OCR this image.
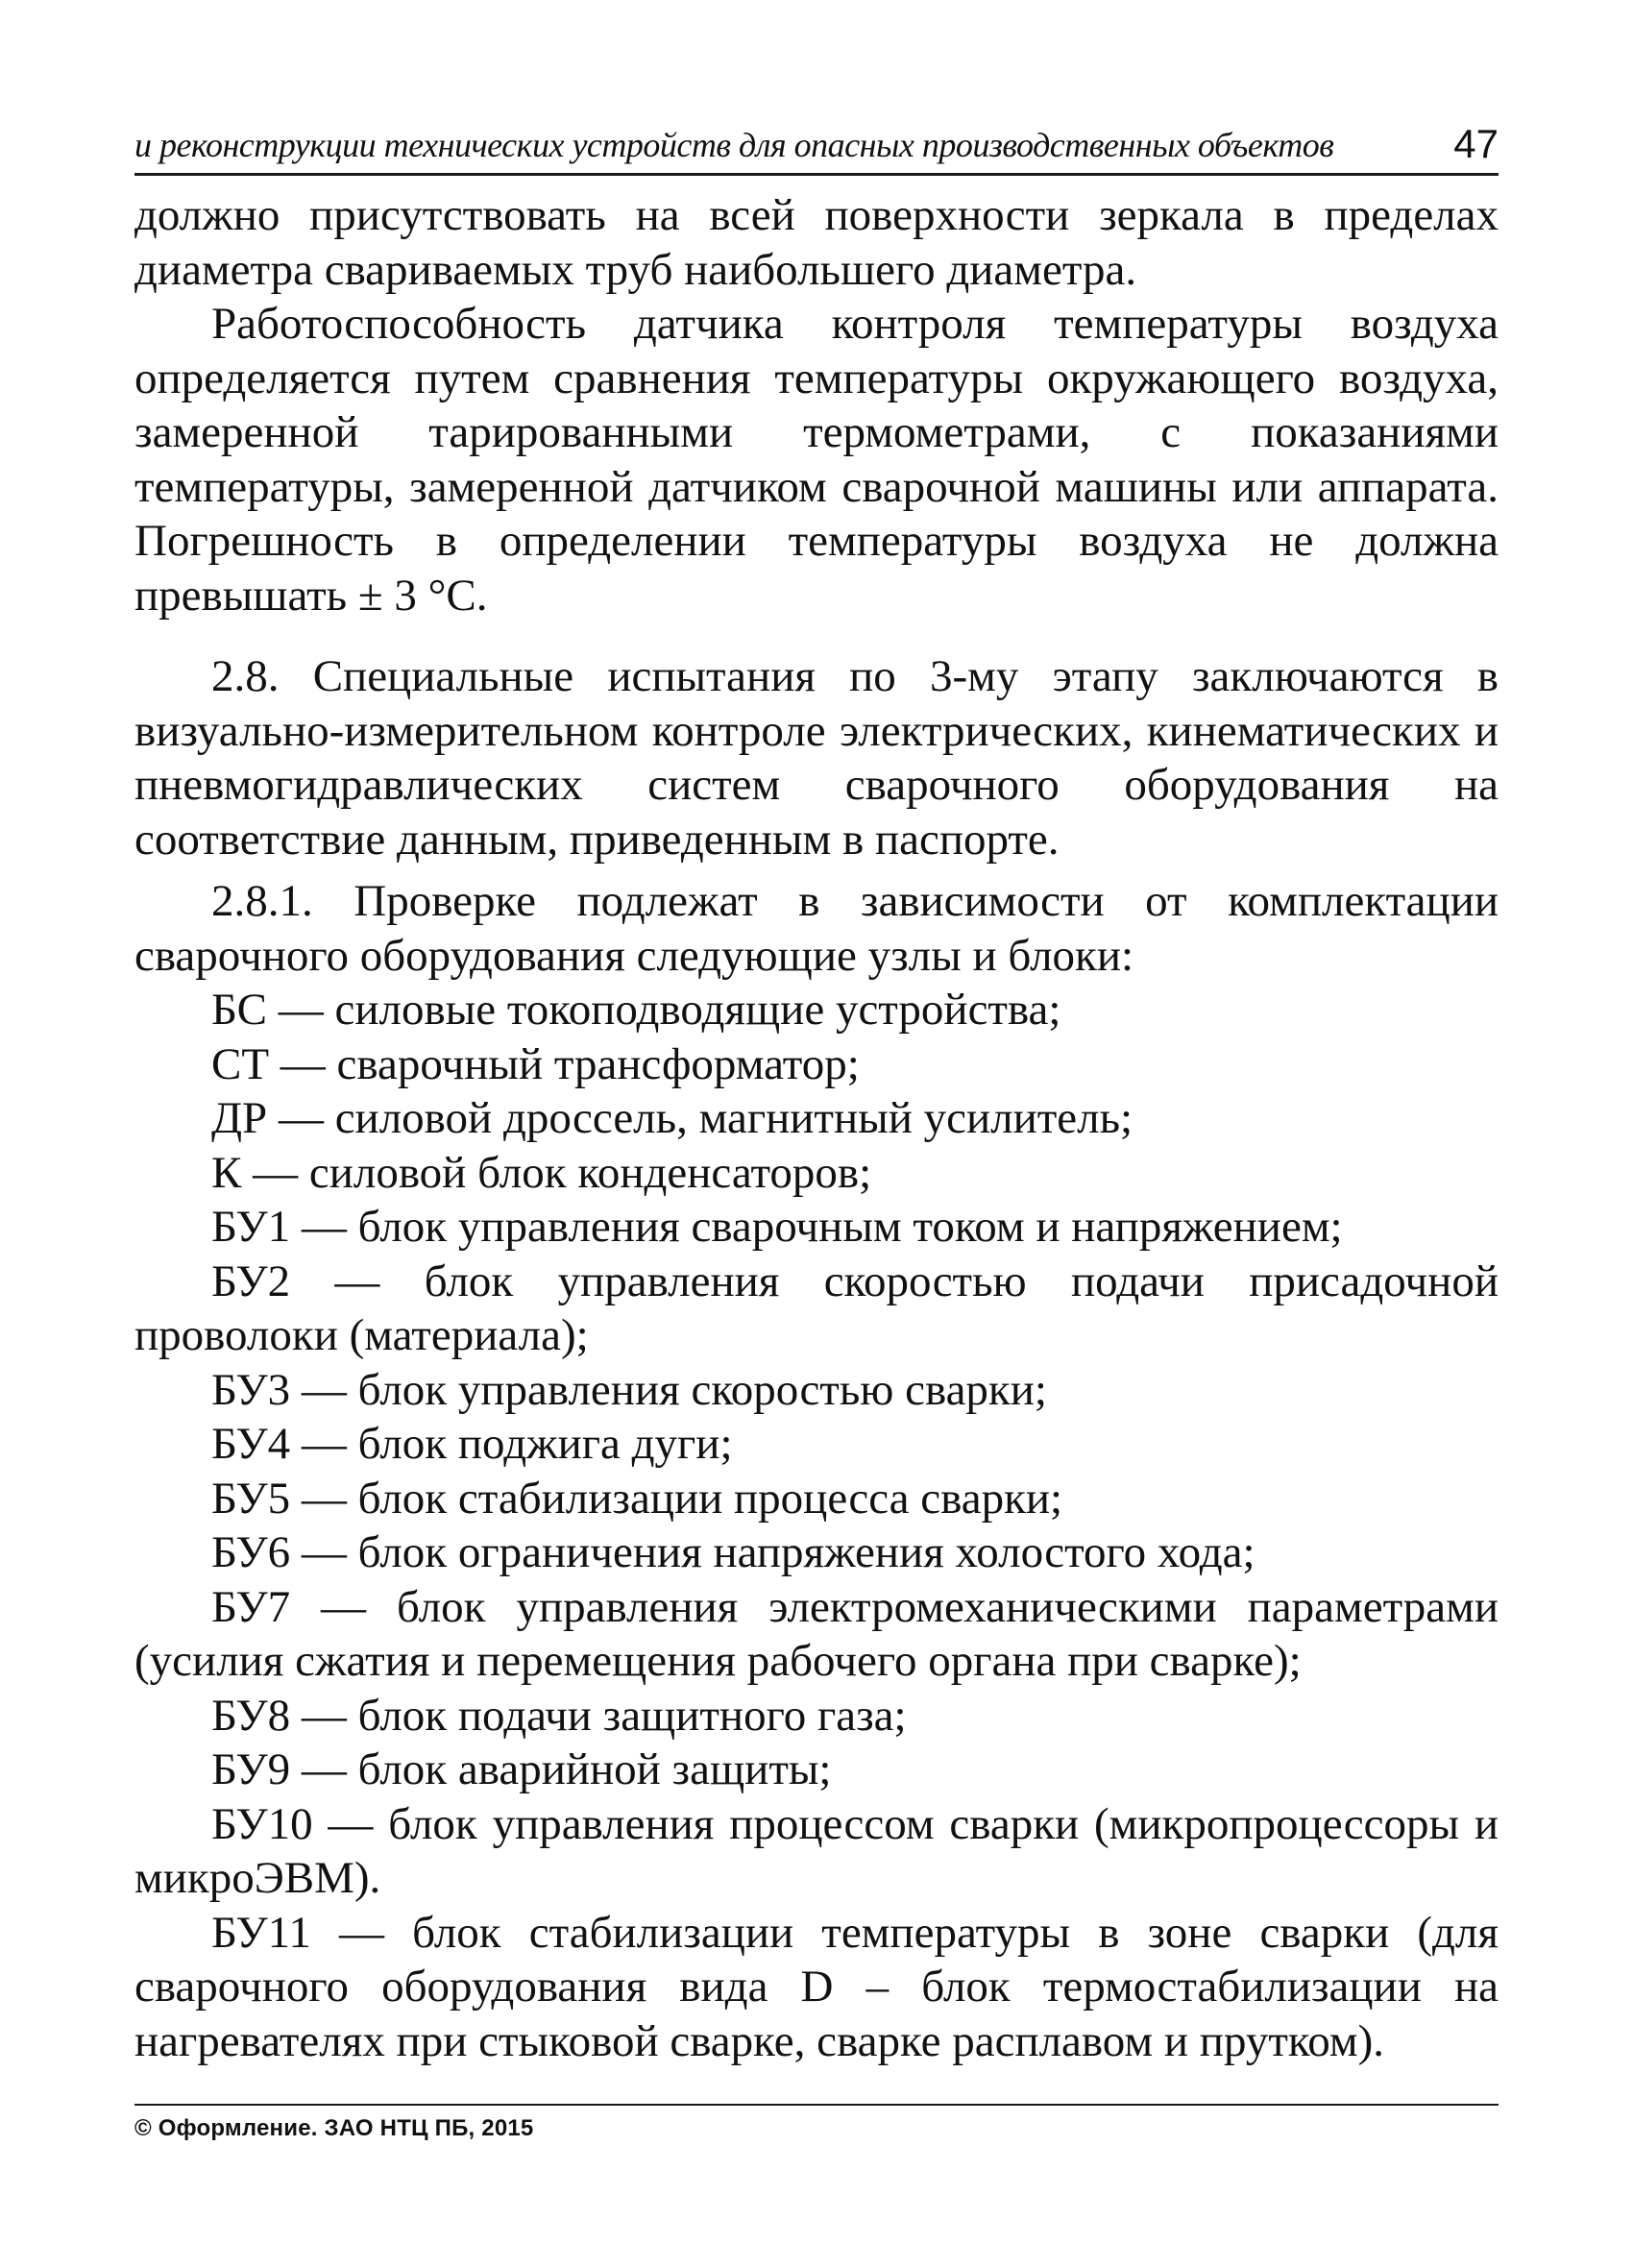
и реконструкции технических устройств для опасных производственных объектов	47

должно присутствовать на всей поверхности зеркала в пределах диаметра свариваемых труб наибольшего диаметра.

Работоспособность датчика контроля температуры воздуха определяется путем сравнения температуры окружающего воздуха, замеренной тарированными термометрами, с показаниями температуры, замеренной датчиком сварочной машины или аппарата. Погрешность в определении температуры воздуха не должна превышать ± 3 °С.

2.8. Специальные испытания по 3-му этапу заключаются в визуально-измерительном контроле электрических, кинематических и пневмогидравлических систем сварочного оборудования на соответствие данным, приведенным в паспорте.

2.8.1. Проверке подлежат в зависимости от комплектации сварочного оборудования следующие узлы и блоки:

БС — силовые токоподводящие устройства;

СТ — сварочный трансформатор;

ДР — силовой дроссель, магнитный усилитель;

К — силовой блок конденсаторов;

БУ1 — блок управления сварочным током и напряжением;

БУ2 — блок управления скоростью подачи присадочной проволоки (материала);

БУ3 — блок управления скоростью сварки;

БУ4 — блок поджига дуги;

БУ5 — блок стабилизации процесса сварки;

БУ6 — блок ограничения напряжения холостого хода;

БУ7 — блок управления электромеханическими параметрами (усилия сжатия и перемещения рабочего органа при сварке);

БУ8 — блок подачи защитного газа;

БУ9 — блок аварийной защиты;

БУ10 — блок управления процессом сварки (микропроцессоры и микроЭВМ).

БУ11 — блок стабилизации температуры в зоне сварки (для сварочного оборудования вида D – блок термостабилизации на нагревателях при стыковой сварке, сварке расплавом и прутком).

© Оформление. ЗАО НТЦ ПБ, 2015
